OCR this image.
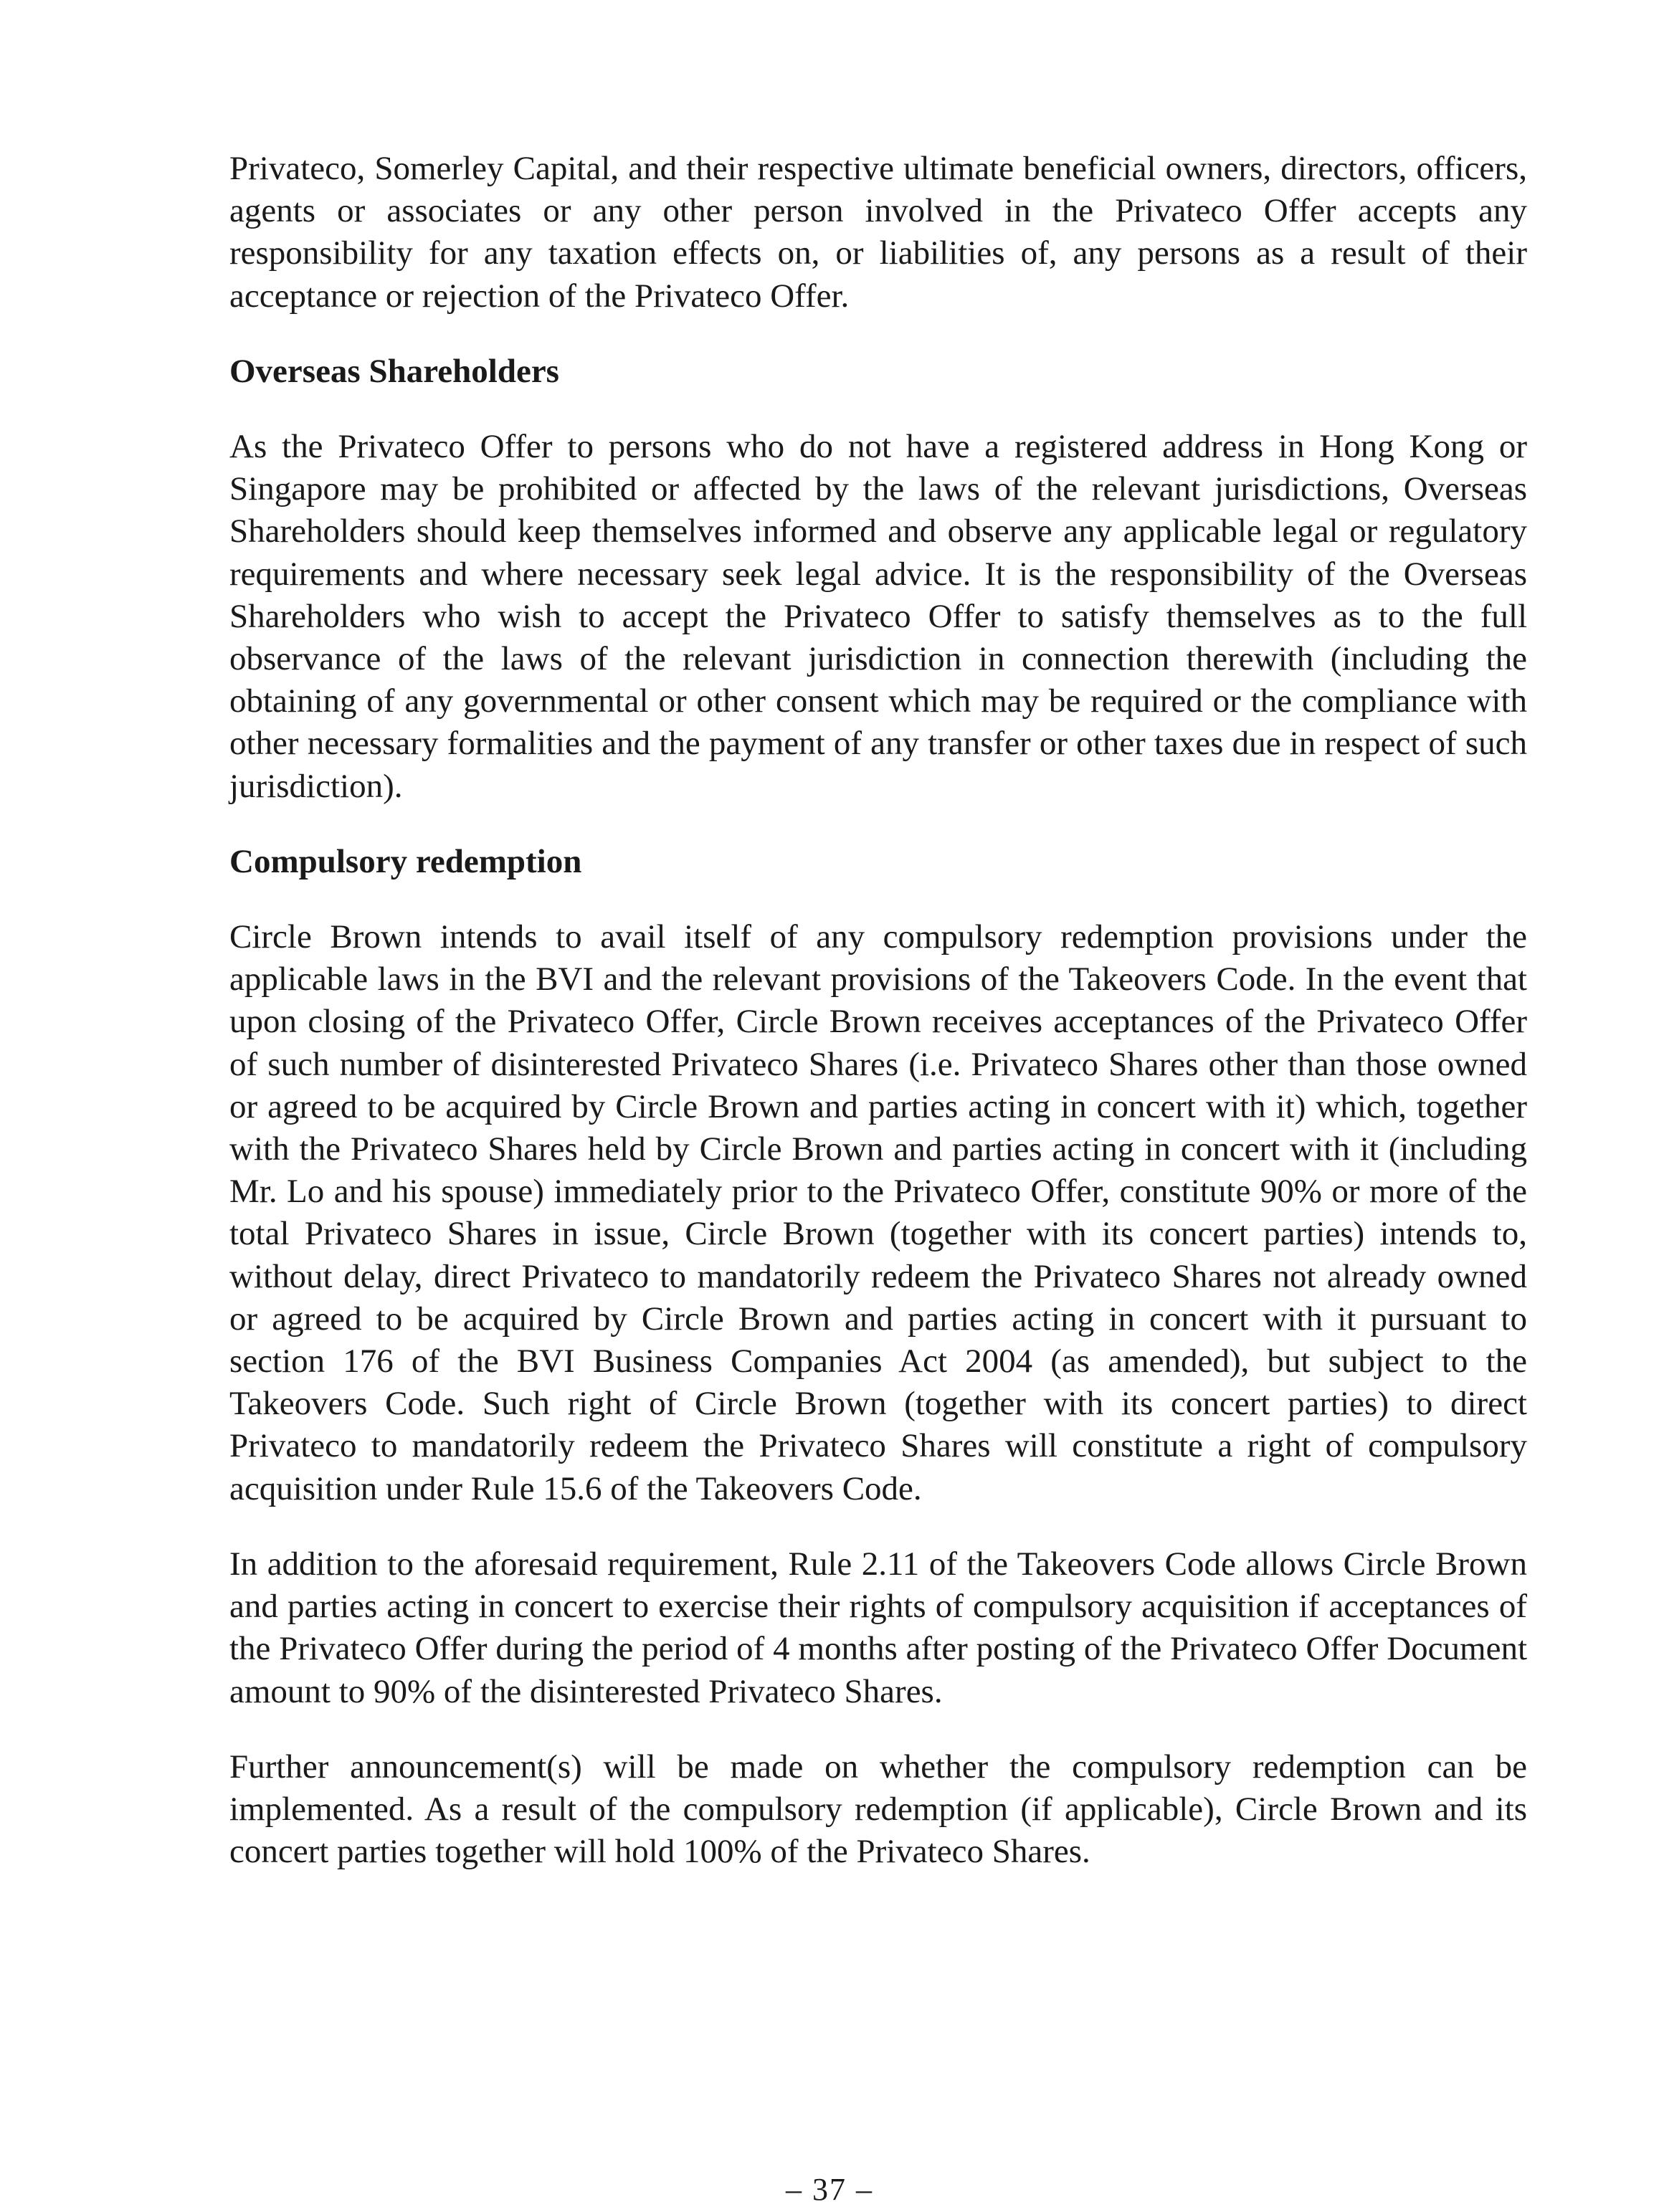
Privateco, Somerley Capital, and their respective ultimate beneficial owners, directors, officers, agents or associates or any other person involved in the Privateco Offer accepts any responsibility for any taxation effects on, or liabilities of, any persons as a result of their acceptance or rejection of the Privateco Offer.

Overseas Shareholders

As the Privateco Offer to persons who do not have a registered address in Hong Kong or Singapore may be prohibited or affected by the laws of the relevant jurisdictions, Overseas Shareholders should keep themselves informed and observe any applicable legal or regulatory requirements and where necessary seek legal advice. It is the responsibility of the Overseas Shareholders who wish to accept the Privateco Offer to satisfy themselves as to the full observance of the laws of the relevant jurisdiction in connection therewith (including the obtaining of any governmental or other consent which may be required or the compliance with other necessary formalities and the payment of any transfer or other taxes due in respect of such jurisdiction).

Compulsory redemption

Circle Brown intends to avail itself of any compulsory redemption provisions under the applicable laws in the BVI and the relevant provisions of the Takeovers Code. In the event that upon closing of the Privateco Offer, Circle Brown receives acceptances of the Privateco Offer of such number of disinterested Privateco Shares (i.e. Privateco Shares other than those owned or agreed to be acquired by Circle Brown and parties acting in concert with it) which, together with the Privateco Shares held by Circle Brown and parties acting in concert with it (including Mr. Lo and his spouse) immediately prior to the Privateco Offer, constitute 90% or more of the total Privateco Shares in issue, Circle Brown (together with its concert parties) intends to, without delay, direct Privateco to mandatorily redeem the Privateco Shares not already owned or agreed to be acquired by Circle Brown and parties acting in concert with it pursuant to section 176 of the BVI Business Companies Act 2004 (as amended), but subject to the Takeovers Code. Such right of Circle Brown (together with its concert parties) to direct Privateco to mandatorily redeem the Privateco Shares will constitute a right of compulsory acquisition under Rule 15.6 of the Takeovers Code.

In addition to the aforesaid requirement, Rule 2.11 of the Takeovers Code allows Circle Brown and parties acting in concert to exercise their rights of compulsory acquisition if acceptances of the Privateco Offer during the period of 4 months after posting of the Privateco Offer Document amount to 90% of the disinterested Privateco Shares.

Further announcement(s) will be made on whether the compulsory redemption can be implemented. As a result of the compulsory redemption (if applicable), Circle Brown and its concert parties together will hold 100% of the Privateco Shares.

– 37 –
